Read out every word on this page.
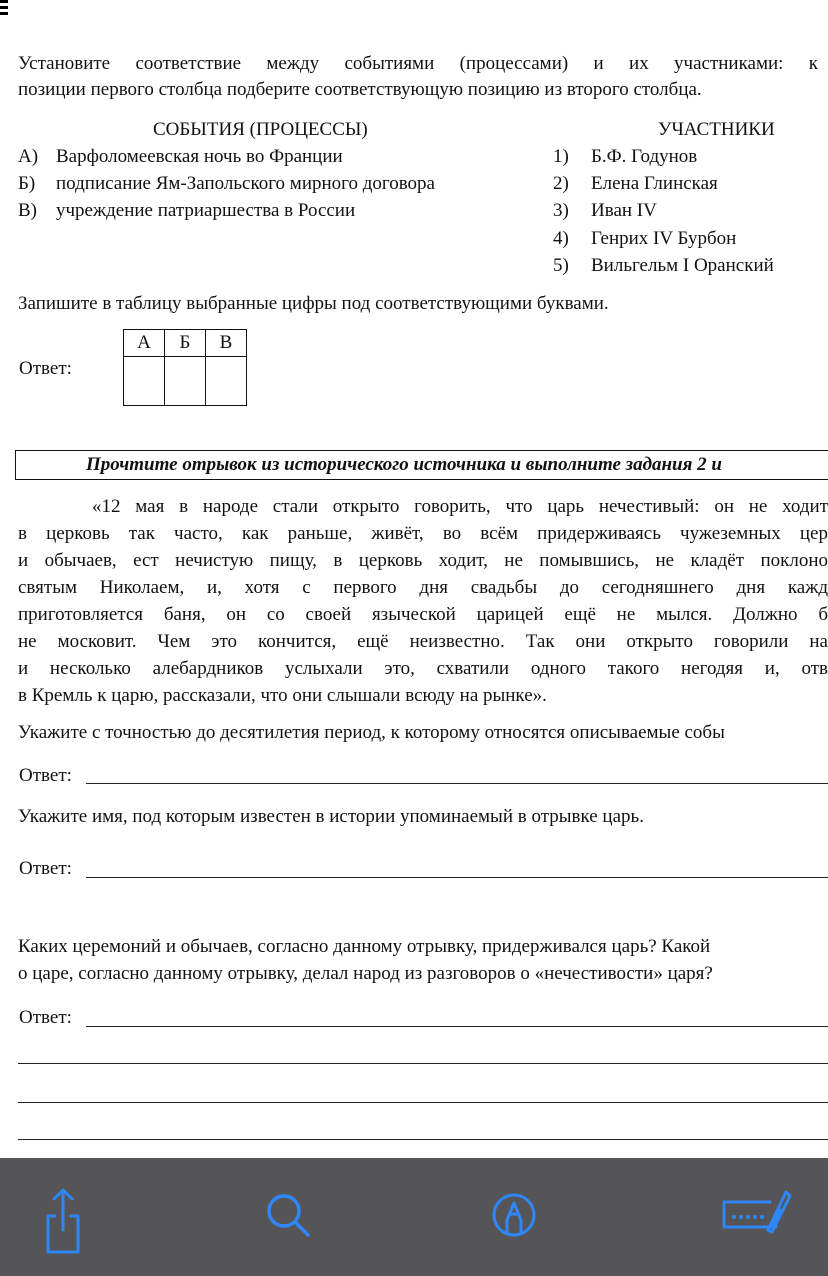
Установите соответствие между событиями (процессами) и их участниками: к
позиции первого столбца подберите соответствующую позицию из второго столбца.
СОБЫТИЯ (ПРОЦЕССЫ)	УЧАСТНИКИ
А) Варфоломеевская ночь во Франции
Б) подписание Ям-Запольского мирного договора
В) учреждение патриаршества в России
1) Б.Ф. Годунов
2) Елена Глинская
3) Иван IV
4) Генрих IV Бурбон
5) Вильгельм I Оранский
Запишите в таблицу выбранные цифры под соответствующими буквами.
Ответ:
А	Б	В

Прочтите отрывок из исторического источника и выполните задания 2 и
«12 мая в народе стали открыто говорить, что царь нечестивый: он не ходит
в церковь так часто, как раньше, живёт, во всём придерживаясь чужеземных цер
и обычаев, ест нечистую пищу, в церковь ходит, не помывшись, не кладёт поклоно
святым Николаем, и, хотя с первого дня свадьбы до сегодняшнего дня кажд
приготовляется баня, он со своей языческой царицей ещё не мылся. Должно б
не московит. Чем это кончится, ещё неизвестно. Так они открыто говорили на
и несколько алебардников услыхали это, схватили одного такого негодяя и, отв
в Кремль к царю, рассказали, что они слышали всюду на рынке».
Укажите с точностью до десятилетия период, к которому относятся описываемые собы
Ответ:
Укажите имя, под которым известен в истории упоминаемый в отрывке царь.
Ответ:
Каких церемоний и обычаев, согласно данному отрывку, придерживался царь? Какой
о царе, согласно данному отрывку, делал народ из разговоров о «нечестивости» царя?
Ответ:
